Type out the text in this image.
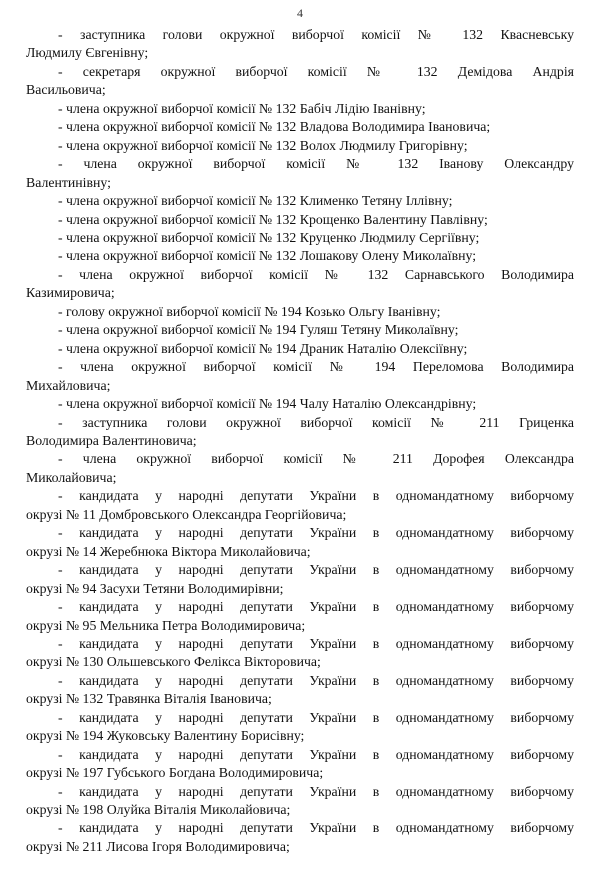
4
- заступника голови окружної виборчої комісії № 132 Квасневську
Людмилу Євгенівну;
- секретаря окружної виборчої комісії № 132 Демідова Андрія
Васильовича;
- члена окружної виборчої комісії № 132 Бабіч Лідію Іванівну;
- члена окружної виборчої комісії № 132 Владова Володимира Івановича;
- члена окружної виборчої комісії № 132 Волох Людмилу Григорівну;
- члена окружної виборчої комісії № 132 Іванову Олександру
Валентинівну;
- члена окружної виборчої комісії № 132 Клименко Тетяну Іллівну;
- члена окружної виборчої комісії № 132 Крощенко Валентину Павлівну;
- члена окружної виборчої комісії № 132 Круценко Людмилу Сергіївну;
- члена окружної виборчої комісії № 132 Лошакову Олену Миколаївну;
- члена окружної виборчої комісії № 132 Сарнавського Володимира
Казимировича;
- голову окружної виборчої комісії № 194 Козько Ольгу Іванівну;
- члена окружної виборчої комісії № 194 Гуляш Тетяну Миколаївну;
- члена окружної виборчої комісії № 194 Драник Наталію Олексіївну;
- члена окружної виборчої комісії № 194 Переломова Володимира
Михайловича;
- члена окружної виборчої комісії № 194 Чалу Наталію Олександрівну;
- заступника голови окружної виборчої комісії № 211 Гриценка
Володимира Валентиновича;
- члена окружної виборчої комісії № 211 Дорофея Олександра
Миколайовича;
- кандидата у народні депутати України в одномандатному виборчому
окрузі № 11 Домбровського Олександра Георгійовича;
- кандидата у народні депутати України в одномандатному виборчому
окрузі № 14 Жеребнюка Віктора Миколайовича;
- кандидата у народні депутати України в одномандатному виборчому
окрузі № 94 Засухи Тетяни Володимирівни;
- кандидата у народні депутати України в одномандатному виборчому
окрузі № 95 Мельника Петра Володимировича;
- кандидата у народні депутати України в одномандатному виборчому
окрузі № 130 Ольшевського Фелікса Вікторовича;
- кандидата у народні депутати України в одномандатному виборчому
окрузі № 132 Травянка Віталія Івановича;
- кандидата у народні депутати України в одномандатному виборчому
окрузі № 194 Жуковську Валентину Борисівну;
- кандидата у народні депутати України в одномандатному виборчому
окрузі № 197 Губського Богдана Володимировича;
- кандидата у народні депутати України в одномандатному виборчому
окрузі № 198 Олуйка Віталія Миколайовича;
- кандидата у народні депутати України в одномандатному виборчому
окрузі № 211 Лисова Ігоря Володимировича;
